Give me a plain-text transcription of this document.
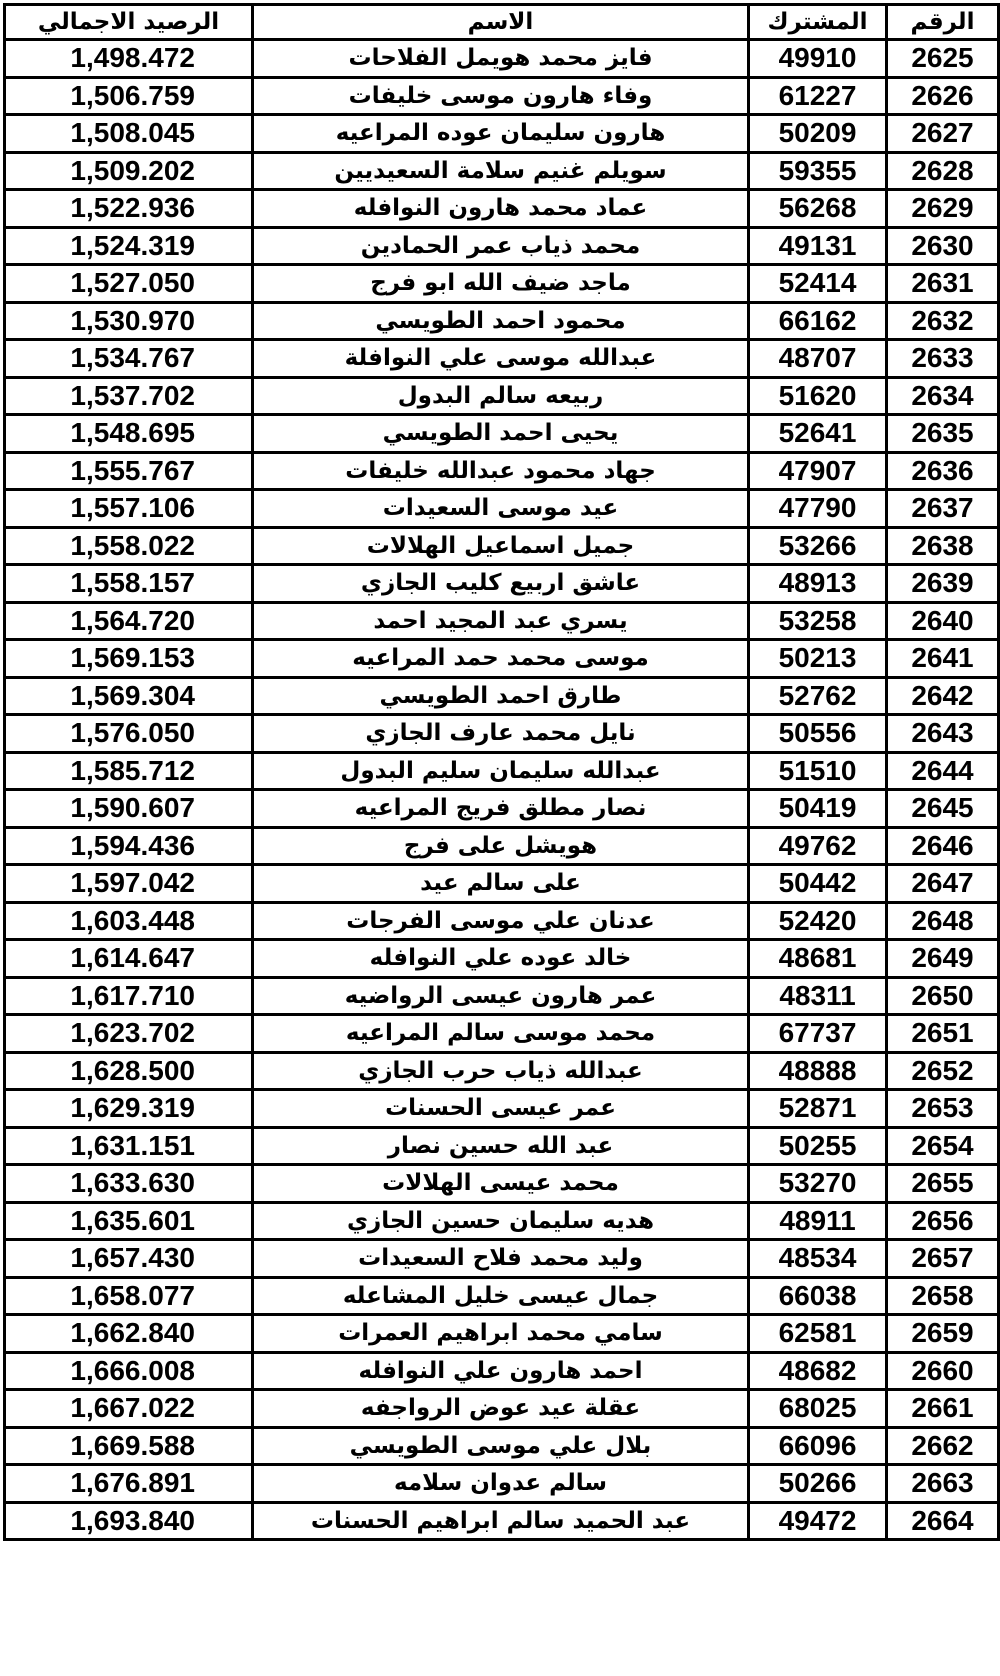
الرقم	المشترك	الاسم	الرصيد الاجمالي
2625	49910	فايز محمد هويمل الفلاحات	1,498.472
2626	61227	وفاء هارون موسى خليفات	1,506.759
2627	50209	هارون سليمان عوده المراعيه	1,508.045
2628	59355	سويلم غنيم سلامة السعيديين	1,509.202
2629	56268	عماد محمد هارون النوافله	1,522.936
2630	49131	محمد ذياب عمر الحمادين	1,524.319
2631	52414	ماجد ضيف الله ابو فرج	1,527.050
2632	66162	محمود احمد الطويسي	1,530.970
2633	48707	عبدالله موسى علي النوافلة	1,534.767
2634	51620	ربيعه سالم البدول	1,537.702
2635	52641	يحيى احمد الطويسي	1,548.695
2636	47907	جهاد محمود عبدالله خليفات	1,555.767
2637	47790	عيد موسى السعيدات	1,557.106
2638	53266	جميل اسماعيل الهلالات	1,558.022
2639	48913	عاشق اربيع كليب الجازي	1,558.157
2640	53258	يسري عبد المجيد احمد	1,564.720
2641	50213	موسى محمد حمد المراعيه	1,569.153
2642	52762	طارق احمد الطويسي	1,569.304
2643	50556	نايل محمد عارف الجازي	1,576.050
2644	51510	عبدالله سليمان سليم البدول	1,585.712
2645	50419	نصار مطلق فريج المراعيه	1,590.607
2646	49762	هويشل على فرج	1,594.436
2647	50442	على سالم عيد	1,597.042
2648	52420	عدنان علي موسى الفرجات	1,603.448
2649	48681	خالد عوده علي النوافله	1,614.647
2650	48311	عمر هارون عيسى الرواضيه	1,617.710
2651	67737	محمد موسى سالم المراعيه	1,623.702
2652	48888	عبدالله ذياب حرب الجازي	1,628.500
2653	52871	عمر عيسى الحسنات	1,629.319
2654	50255	عبد الله حسين نصار	1,631.151
2655	53270	محمد عيسى الهلالات	1,633.630
2656	48911	هديه سليمان حسين الجازي	1,635.601
2657	48534	وليد محمد فلاح السعيدات	1,657.430
2658	66038	جمال عيسى خليل المشاعله	1,658.077
2659	62581	سامي محمد ابراهيم العمرات	1,662.840
2660	48682	احمد هارون علي النوافله	1,666.008
2661	68025	عقلة عيد عوض الرواجفه	1,667.022
2662	66096	بلال علي موسى الطويسي	1,669.588
2663	50266	سالم عدوان سلامه	1,676.891
2664	49472	عبد الحميد سالم ابراهيم الحسنات	1,693.840
